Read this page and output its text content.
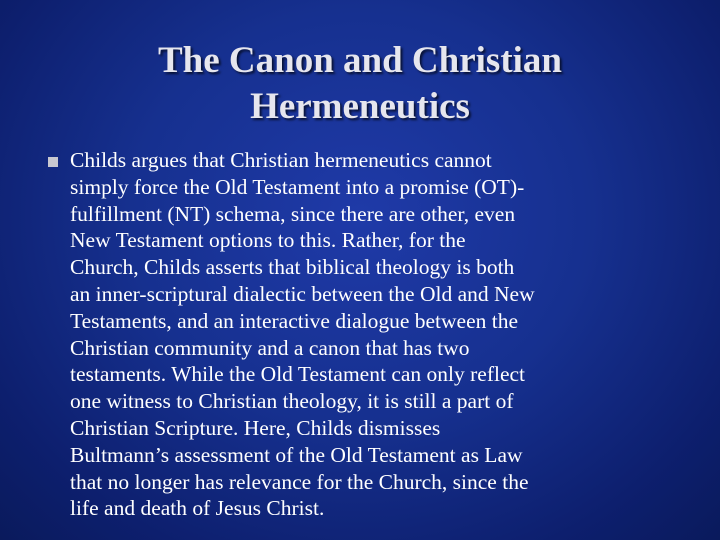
The Canon and Christian
Hermeneutics
Childs argues that Christian hermeneutics cannot
simply force the Old Testament into a promise (OT)-
fulfillment (NT) schema, since there are other, even
New Testament options to this. Rather, for the
Church, Childs asserts that biblical theology is both
an inner-scriptural dialectic between the Old and New
Testaments, and an interactive dialogue between the
Christian community and a canon that has two
testaments. While the Old Testament can only reflect
one witness to Christian theology, it is still a part of
Christian Scripture. Here, Childs dismisses
Bultmann’s assessment of the Old Testament as Law
that no longer has relevance for the Church, since the
life and death of Jesus Christ.
